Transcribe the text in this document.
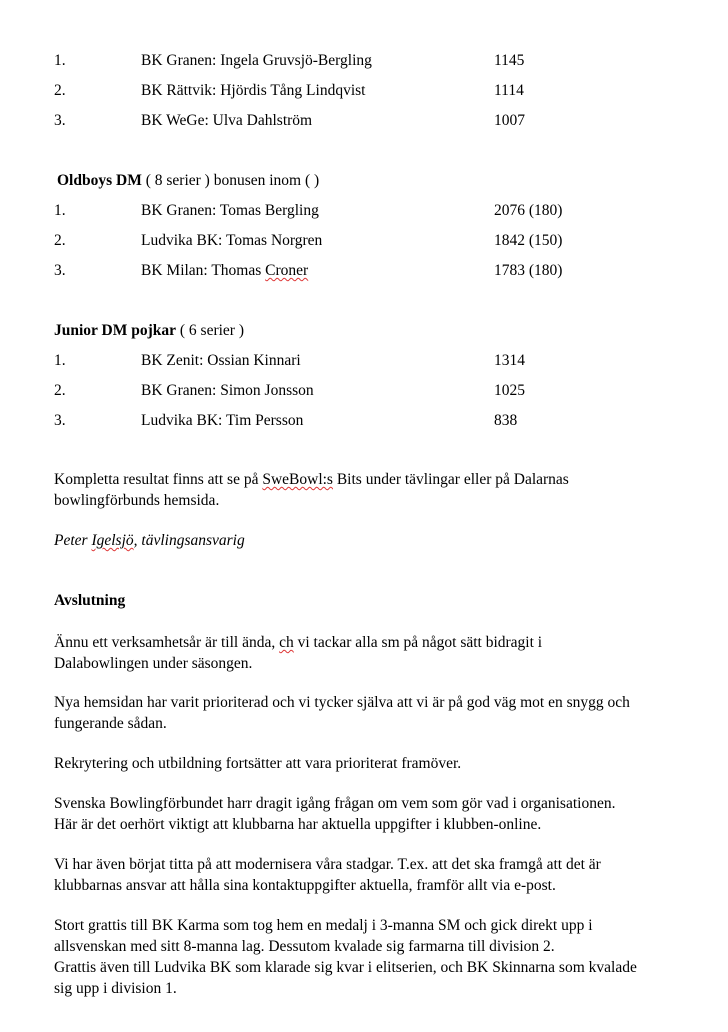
1.	BK Granen: Ingela Gruvsjö-Bergling	1145
2.	BK Rättvik: Hjördis Tång Lindqvist	1114
3.	BK WeGe: Ulva Dahlström	1007
Oldboys DM ( 8 serier ) bonusen inom ( )
1.	BK Granen: Tomas Bergling	2076 (180)
2.	Ludvika BK: Tomas Norgren	1842 (150)
3.	BK Milan: Thomas Croner	1783 (180)
Junior DM pojkar ( 6 serier )
1.	BK Zenit: Ossian Kinnari	1314
2.	BK Granen: Simon Jonsson	1025
3.	Ludvika BK: Tim Persson	838
Kompletta resultat finns att se på SweBowl:s Bits under tävlingar eller på Dalarnas
bowlingförbunds hemsida.
Peter Igelsjö, tävlingsansvarig
Avslutning
Ännu ett verksamhetsår är till ända, ch vi tackar alla sm på något sätt bidragit i
Dalabowlingen under säsongen.
Nya hemsidan har varit prioriterad och vi tycker själva att vi är på god väg mot en snygg och
fungerande sådan.
Rekrytering och utbildning fortsätter att vara prioriterat framöver.
Svenska Bowlingförbundet harr dragit igång frågan om vem som gör vad i organisationen.
Här är det oerhört viktigt att klubbarna har aktuella uppgifter i klubben-online.
Vi har även börjat titta på att modernisera våra stadgar. T.ex. att det ska framgå att det är
klubbarnas ansvar att hålla sina kontaktuppgifter aktuella, framför allt via e-post.
Stort grattis till BK Karma som tog hem en medalj i 3-manna SM och gick direkt upp i
allsvenskan med sitt 8-manna lag. Dessutom kvalade sig farmarna till division 2.
Grattis även till Ludvika BK som klarade sig kvar i elitserien, och BK Skinnarna som kvalade
sig upp i division 1.
